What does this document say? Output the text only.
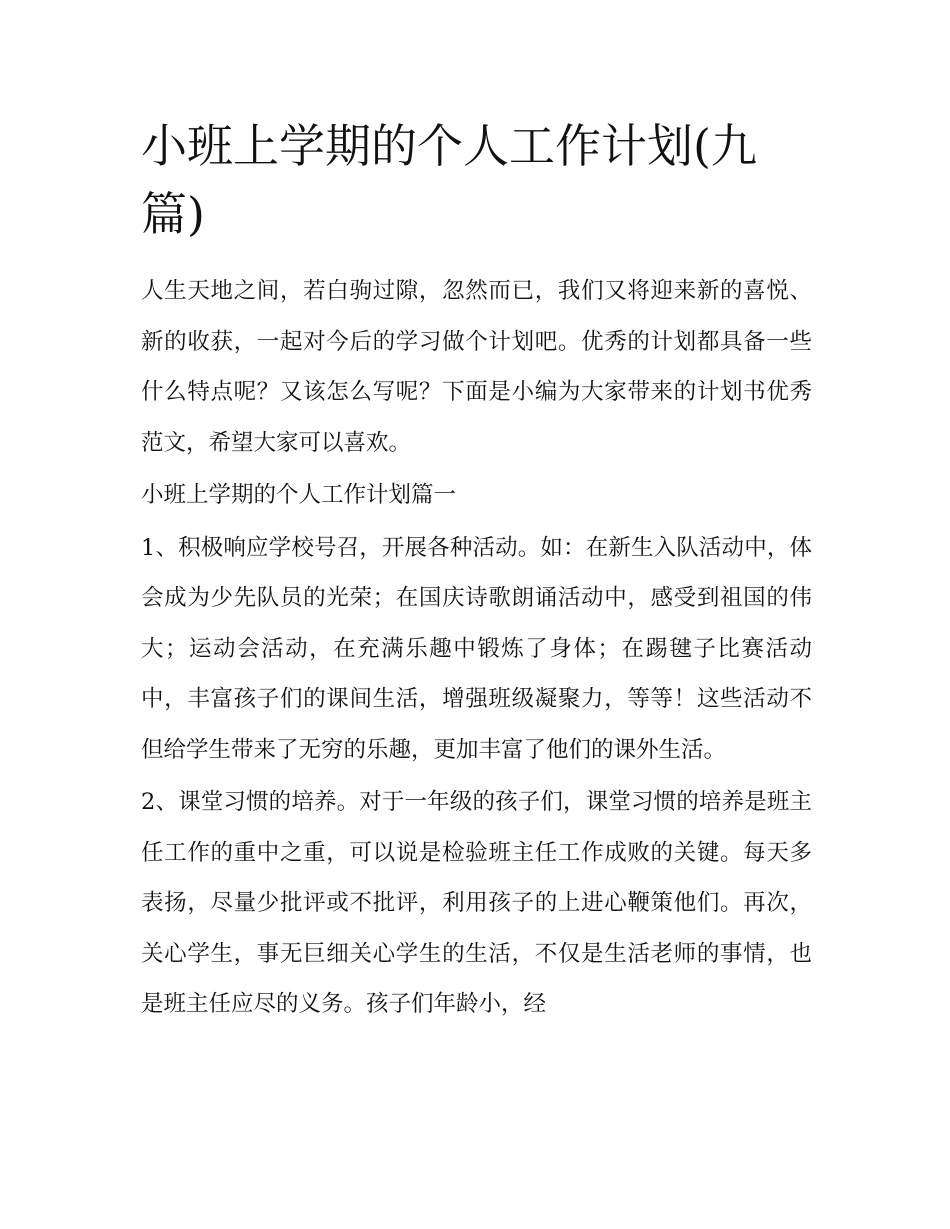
小班上学期的个人工作计划(九篇)

人生天地之间，若白驹过隙，忽然而已，我们又将迎来新的喜悦、新的收获，一起对今后的学习做个计划吧。优秀的计划都具备一些什么特点呢？又该怎么写呢？下面是小编为大家带来的计划书优秀范文，希望大家可以喜欢。

小班上学期的个人工作计划篇一

1、积极响应学校号召，开展各种活动。如：在新生入队活动中，体会成为少先队员的光荣；在国庆诗歌朗诵活动中，感受到祖国的伟大；运动会活动，在充满乐趣中锻炼了身体；在踢毽子比赛活动中，丰富孩子们的课间生活，增强班级凝聚力，等等！这些活动不但给学生带来了无穷的乐趣，更加丰富了他们的课外生活。

2、课堂习惯的培养。对于一年级的孩子们，课堂习惯的培养是班主任工作的重中之重，可以说是检验班主任工作成败的关键。每天多表扬，尽量少批评或不批评，利用孩子的上进心鞭策他们。再次，关心学生，事无巨细关心学生的生活，不仅是生活老师的事情，也是班主任应尽的义务。孩子们年龄小，经
